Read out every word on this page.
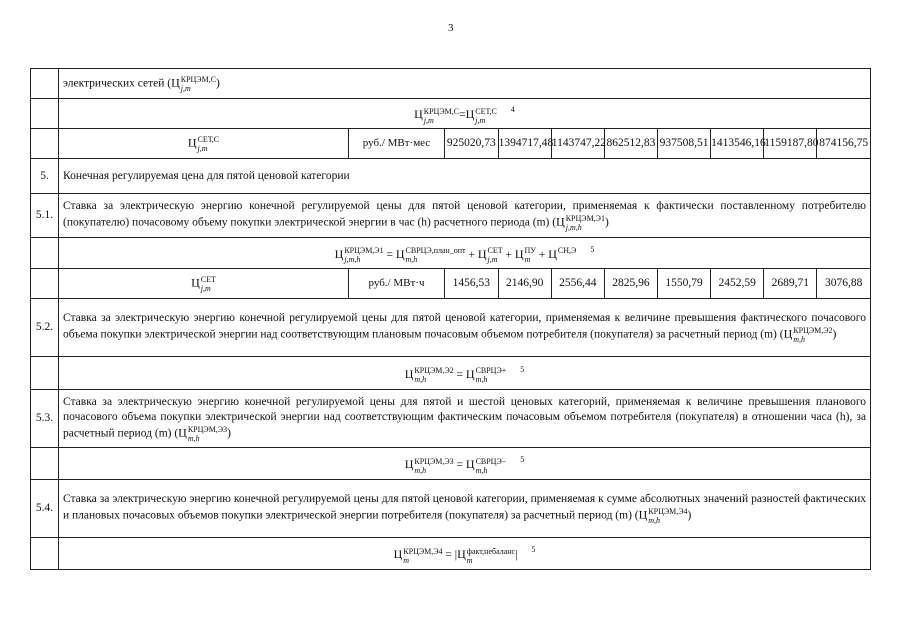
3
	электрических сетей (Ц КРЦЭМ,С
j,m	)
	Ц КРЦЭМ,С
j,m	=Ц СЕТ,С
j,m
$^4$
	Ц СЕТ,С
j,m	руб./ МВт·мес	925020,73	1394717,48	1143747,22	862512,83	937508,51	1413546,16	1159187,80	874156,75

5.	Конечная регулируемая цена для пятой ценовой категории
5.1.	Ставка за электрическую энергию конечной регулируемой цены для пятой ценовой категории, применяемая к фактически поставленному потребителю (покупателю) почасовому объему покупки электрической энергии в час (h) расчетного периода (m) (Ц КРЦЭМ,Э1
j,m,h	)
	Ц КРЦЭМ,Э1
j,m,h	= Ц СВРЦЭ,план_опт
m,h	+ Ц СЕТ
j,m + Ц ПУ
m + Ц СН,Э
$^5$
	Ц СЕТ
j,m	руб./ МВт·ч	1456,53	2146,90	2556,44	2825,96	1550,79	2452,59	2689,71	3076,88

5.2.	Ставка за электрическую энергию конечной регулируемой цены для пятой ценовой категории, применяемая к величине превышения фактического почасового объема покупки электрической энергии над соответствующим плановым почасовым объемом потребителя (покупателя) за расчетный период (m) (Ц КРЦЭМ,Э2
m,h	)
	Ц КРЦЭМ,Э2
m,h	= Ц СВРЦЭ+
m,h
$^5$
5.3.	Ставка за электрическую энергию конечной регулируемой цены для пятой и шестой ценовых категорий, применяемая к величине превышения планового почасового объема покупки электрической энергии над соответствующим фактическим почасовым объемом потребителя (покупателя) в отношении часа (h), за расчетный период (m) (Ц КРЦЭМ,Э3
m,h	)
	Ц КРЦЭМ,Э3
m,h	= Ц СВРЦЭ−
m,h
$^5$
5.4.	Ставка за электрическую энергию конечной регулируемой цены для пятой ценовой категории, применяемая к сумме абсолютных значений разностей фактических и плановых почасовых объемов покупки электрической энергии потребителя (покупателя) за расчетный период (m) (Ц КРЦЭМ,Э4
m,h	)
	Ц КРЦЭМ,Э4
m	= |Ц факт,небаланс
m	| $^5$
